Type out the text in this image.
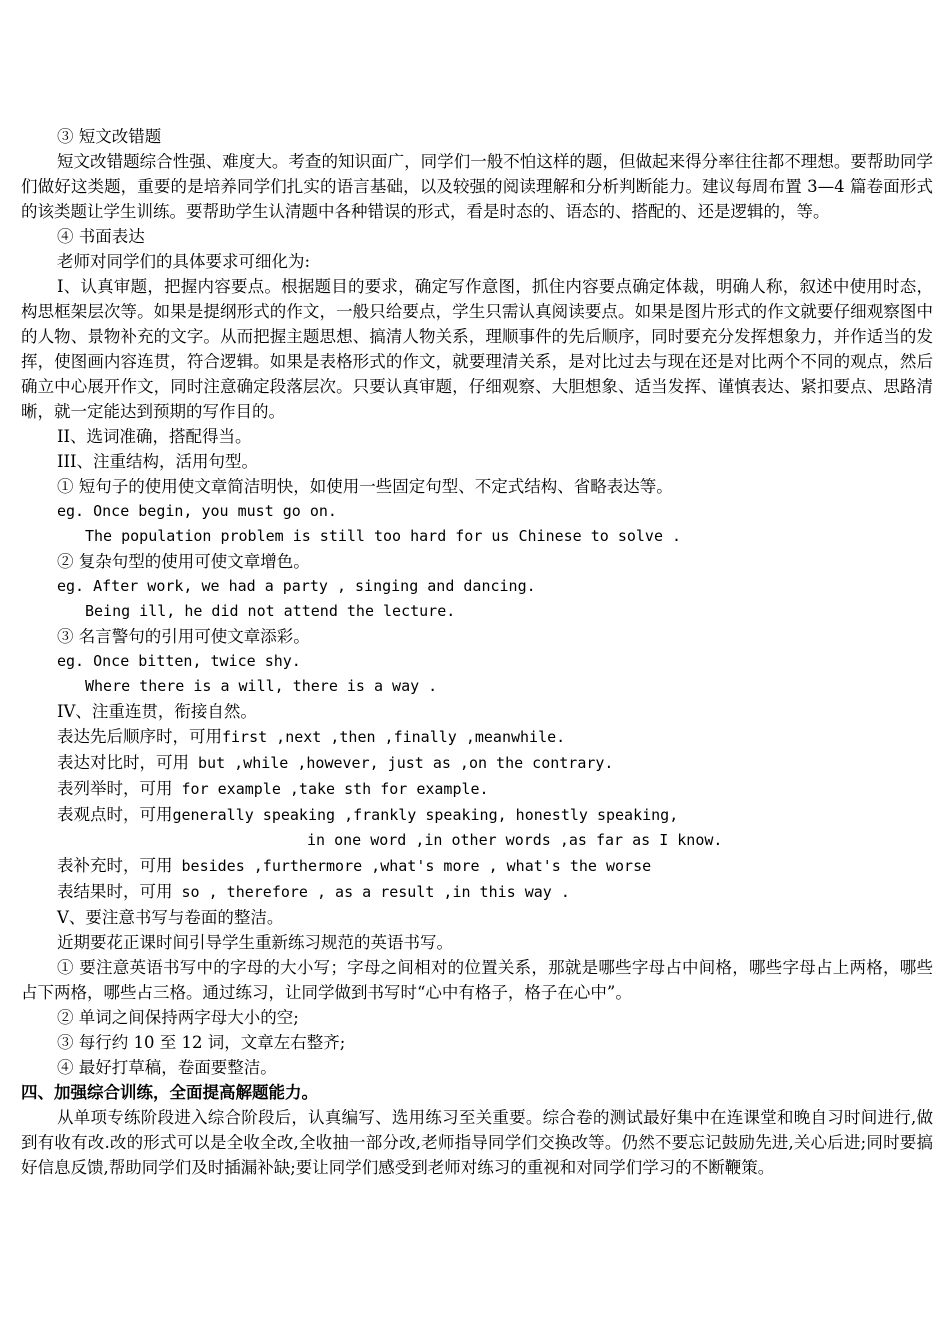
③ 短文改错题

短文改错题综合性强、难度大。考查的知识面广，同学们一般不怕这样的题，但做起来得分率往往都不理想。要帮助同学们做好这类题，重要的是培养同学们扎实的语言基础，以及较强的阅读理解和分析判断能力。建议每周布置 3—4 篇卷面形式的该类题让学生训练。要帮助学生认清题中各种错误的形式，看是时态的、语态的、搭配的、还是逻辑的，等。

④ 书面表达

老师对同学们的具体要求可细化为:

I、认真审题，把握内容要点。根据题目的要求，确定写作意图，抓住内容要点确定体裁，明确人称，叙述中使用时态，构思框架层次等。如果是提纲形式的作文，一般只给要点，学生只需认真阅读要点。如果是图片形式的作文就要仔细观察图中的人物、景物补充的文字。从而把握主题思想、搞清人物关系，理顺事件的先后顺序，同时要充分发挥想象力，并作适当的发挥，使图画内容连贯，符合逻辑。如果是表格形式的作文，就要理清关系，是对比过去与现在还是对比两个不同的观点，然后确立中心展开作文，同时注意确定段落层次。只要认真审题，仔细观察、大胆想象、适当发挥、谨慎表达、紧扣要点、思路清晰，就一定能达到预期的写作目的。

II、选词准确，搭配得当。

III、注重结构，活用句型。

① 短句子的使用使文章简洁明快，如使用一些固定句型、不定式结构、省略表达等。

eg. Once begin, you must go on.

The population problem is still too hard for us Chinese to solve .

② 复杂句型的使用可使文章增色。

eg. After work, we had a party , singing and dancing.

Being ill, he did not attend the lecture.

③ 名言警句的引用可使文章添彩。

eg. Once bitten, twice shy.

Where there is a will, there is a way .

IV、注重连贯，衔接自然。

表达先后顺序时，可用first ,next ,then ,finally ,meanwhile.

表达对比时，可用 but ,while ,however, just as ,on the contrary.

表列举时，可用 for example ,take sth for example.

表观点时，可用generally speaking ,frankly speaking, honestly speaking,

in one word ,in other words ,as far as I know.

表补充时，可用 besides ,furthermore ,what's more , what's the worse

表结果时，可用 so , therefore , as a result ,in this way .

V、要注意书写与卷面的整洁。

近期要花正课时间引导学生重新练习规范的英语书写。

① 要注意英语书写中的字母的大小写；字母之间相对的位置关系，那就是哪些字母占中间格，哪些字母占上两格，哪些占下两格，哪些占三格。通过练习，让同学做到书写时“心中有格子，格子在心中”。

② 单词之间保持两字母大小的空;

③ 每行约 10 至 12 词，文章左右整齐;

④ 最好打草稿，卷面要整洁。

四、加强综合训练，全面提高解题能力。

从单项专练阶段进入综合阶段后，认真编写、选用练习至关重要。综合卷的测试最好集中在连课堂和晚自习时间进行,做到有收有改.改的形式可以是全收全改,全收抽一部分改,老师指导同学们交换改等。仍然不要忘记鼓励先进,关心后进;同时要搞好信息反馈,帮助同学们及时插漏补缺;要让同学们感受到老师对练习的重视和对同学们学习的不断鞭策。
